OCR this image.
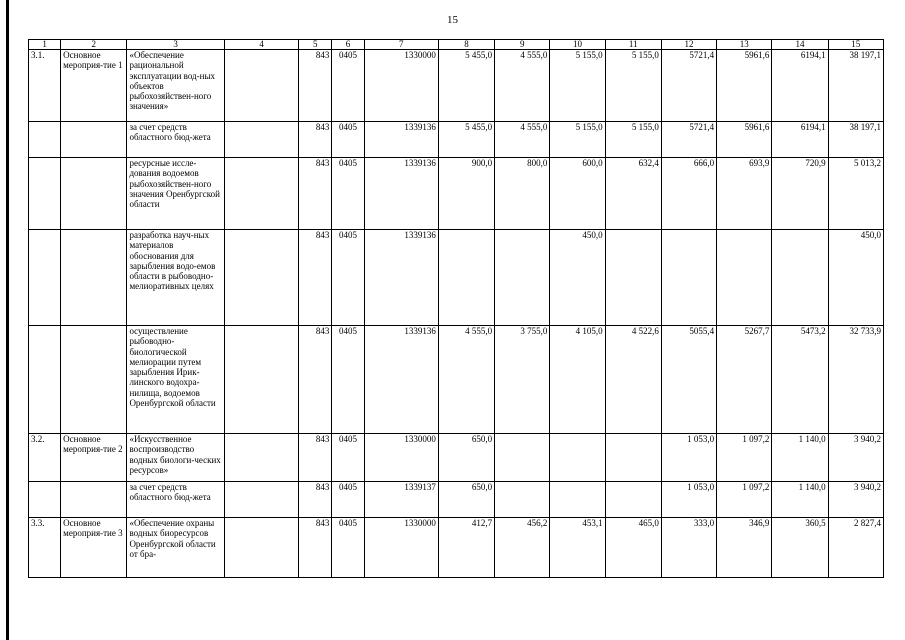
15
1	2	3	4	5	6	7	8	9	10	11	12	13	14	15
3.1.	Основное мероприя-тие 1	«Обеспечение рациональной эксплуатации вод-ных объектов рыбохозяйствен-ного значения»		843	0405	1330000	5 455,0	4 555,0	5 155,0	5 155,0	5721,4	5961,6	6194,1	38 197,1
		за счет средств областного бюд-жета		843	0405	1339136	5 455,0	4 555,0	5 155,0	5 155,0	5721,4	5961,6	6194,1	38 197,1
		ресурсные иссле-дования водоемов рыбохозяйствен-ного значения Оренбургской области		843	0405	1339136	900,0	800,0	600,0	632,4	666,0	693,9	720,9	5 013,2
		разработка науч-ных материалов обоснования для зарыбления водо-емов области в рыбоводно-мелиоративных целях		843	0405	1339136			450,0					450,0
		осуществление рыбоводно-биологической мелиорации путем зарыбления Ирик-линского водохра-нилища, водоемов Оренбургской области		843	0405	1339136	4 555,0	3 755,0	4 105,0	4 522,6	5055,4	5267,7	5473,2	32 733,9
3.2.	Основное мероприя-тие 2	«Искусственное воспроизводство водных биологи-ческих ресурсов»		843	0405	1330000	650,0				1 053,0	1 097,2	1 140,0	3 940,2
		за счет средств областного бюд-жета		843	0405	1339137	650,0				1 053,0	1 097,2	1 140,0	3 940,2
3.3.	Основное мероприя-тие 3	«Обеспечение охраны водных биоресурсов Оренбургской области от бра-		843	0405	1330000	412,7	456,2	453,1	465,0	333,0	346,9	360,5	2 827,4
